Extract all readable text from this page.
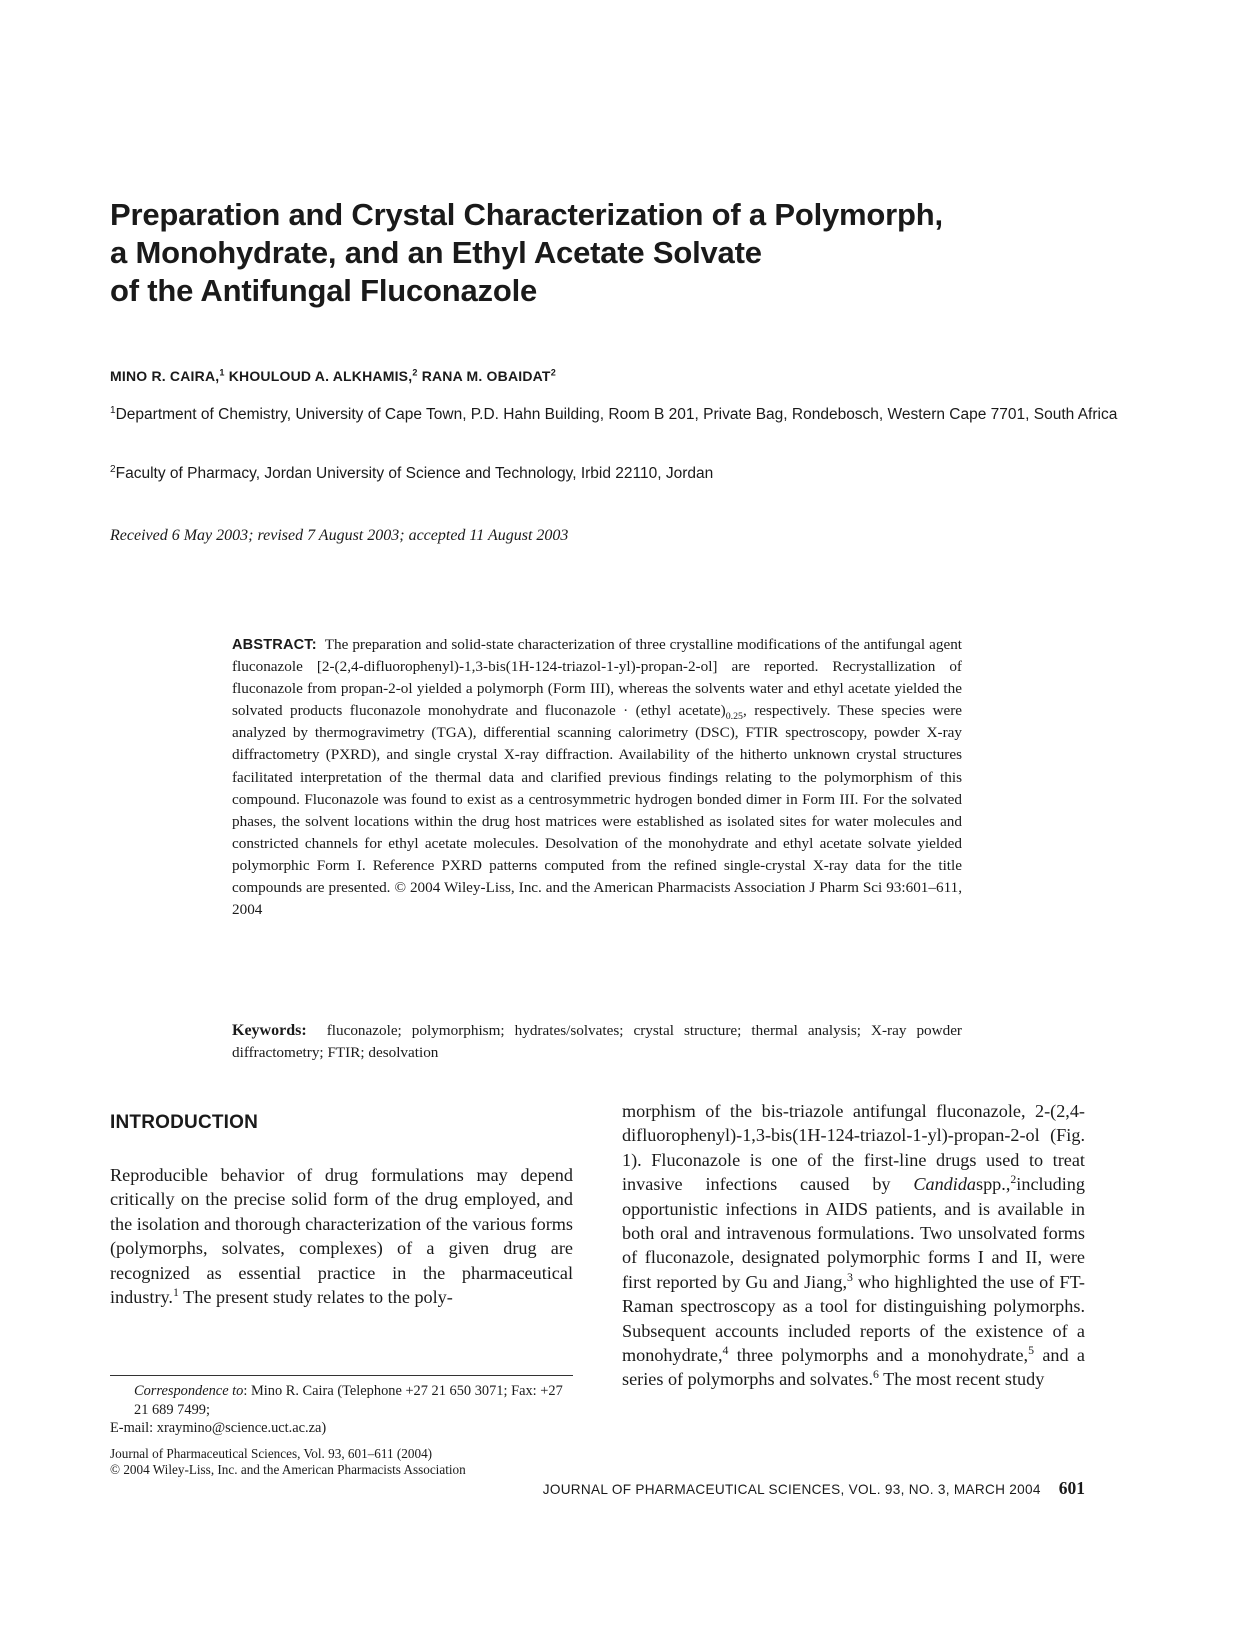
Preparation and Crystal Characterization of a Polymorph,
a Monohydrate, and an Ethyl Acetate Solvate
of the Antifungal Fluconazole
MINO R. CAIRA,$^1$ KHOULOUD A. ALKHAMIS,$^2$ RANA M. OBAIDAT$^2$
$^1$Department of Chemistry, University of Cape Town, P.D. Hahn Building, Room B 201, Private Bag, Rondebosch, Western Cape 7701, South Africa
$^2$Faculty of Pharmacy, Jordan University of Science and Technology, Irbid 22110, Jordan
Received 6 May 2003; revised 7 August 2003; accepted 11 August 2003
ABSTRACT: The preparation and solid-state characterization of three crystalline modifications of the antifungal agent fluconazole [2-(2,4-difluorophenyl)-1,3-bis(1H-124-triazol-1-yl)-propan-2-ol] are reported. Recrystallization of fluconazole from propan-2-ol yielded a polymorph (Form III), whereas the solvents water and ethyl acetate yielded the solvated products fluconazole monohydrate and fluconazole · (ethyl $acetate)_{0.25}$, respectively. These species were analyzed by thermogravimetry (TGA), differential scanning calorimetry (DSC), FTIR spectroscopy, powder X-ray diffractometry (PXRD), and single crystal X-ray diffraction. Availability of the hitherto unknown crystal structures facilitated interpretation of the thermal data and clarified previous findings relating to the polymorphism of this compound. Fluconazole was found to exist as a centrosymmetric hydrogen bonded dimer in Form III. For the solvated phases, the solvent locations within the drug host matrices were established as isolated sites for water molecules and constricted channels for ethyl acetate molecules. Desolvation of the monohydrate and ethyl acetate solvate yielded polymorphic Form I. Reference PXRD patterns computed from the refined single-crystal X-ray data for the title compounds are presented. © 2004 Wiley-Liss, Inc. and the American Pharmacists Association J Pharm Sci 93:601–611, 2004
Keywords: fluconazole; polymorphism; hydrates/solvates; crystal structure; thermal analysis; X-ray powder diffractometry; FTIR; desolvation
INTRODUCTION
Reproducible behavior of drug formulations may depend critically on the precise solid form of the drug employed, and the isolation and thorough characterization of the various forms (polymorphs, solvates, complexes) of a given drug are recognized as essential practice in the pharmaceutical industry.$^1$ The present study relates to the poly-
morphism of the bis-triazole antifungal fluconazole, 2-(2,4-difluorophenyl)-1,3-bis(1H-124-triazol-1-yl)-propan-2-ol (Fig. 1). Fluconazole is one of the first-line drugs used to treat invasive infections caused by Candidaspp.,$^2$including opportunistic infections in AIDS patients, and is available in both oral and intravenous formulations. Two unsolvated forms of fluconazole, designated polymorphic forms I and II, were first reported by Gu and Jiang,$^3$ who highlighted the use of FT-Raman spectroscopy as a tool for distinguishing polymorphs. Subsequent accounts included reports of the existence of a monohydrate,$^4$ three polymorphs and a monohydrate,$^5$ and a series of polymorphs and solvates.$^6$ The most recent study
Correspondence to: Mino R. Caira (Telephone +27 21 650 3071; Fax: +27 21 689 7499;
E-mail: xraymino@science.uct.ac.za)
Journal of Pharmaceutical Sciences, Vol. 93, 601–611 (2004)
© 2004 Wiley-Liss, Inc. and the American Pharmacists Association
JOURNAL OF PHARMACEUTICAL SCIENCES, VOL. 93, NO. 3, MARCH 2004 601
